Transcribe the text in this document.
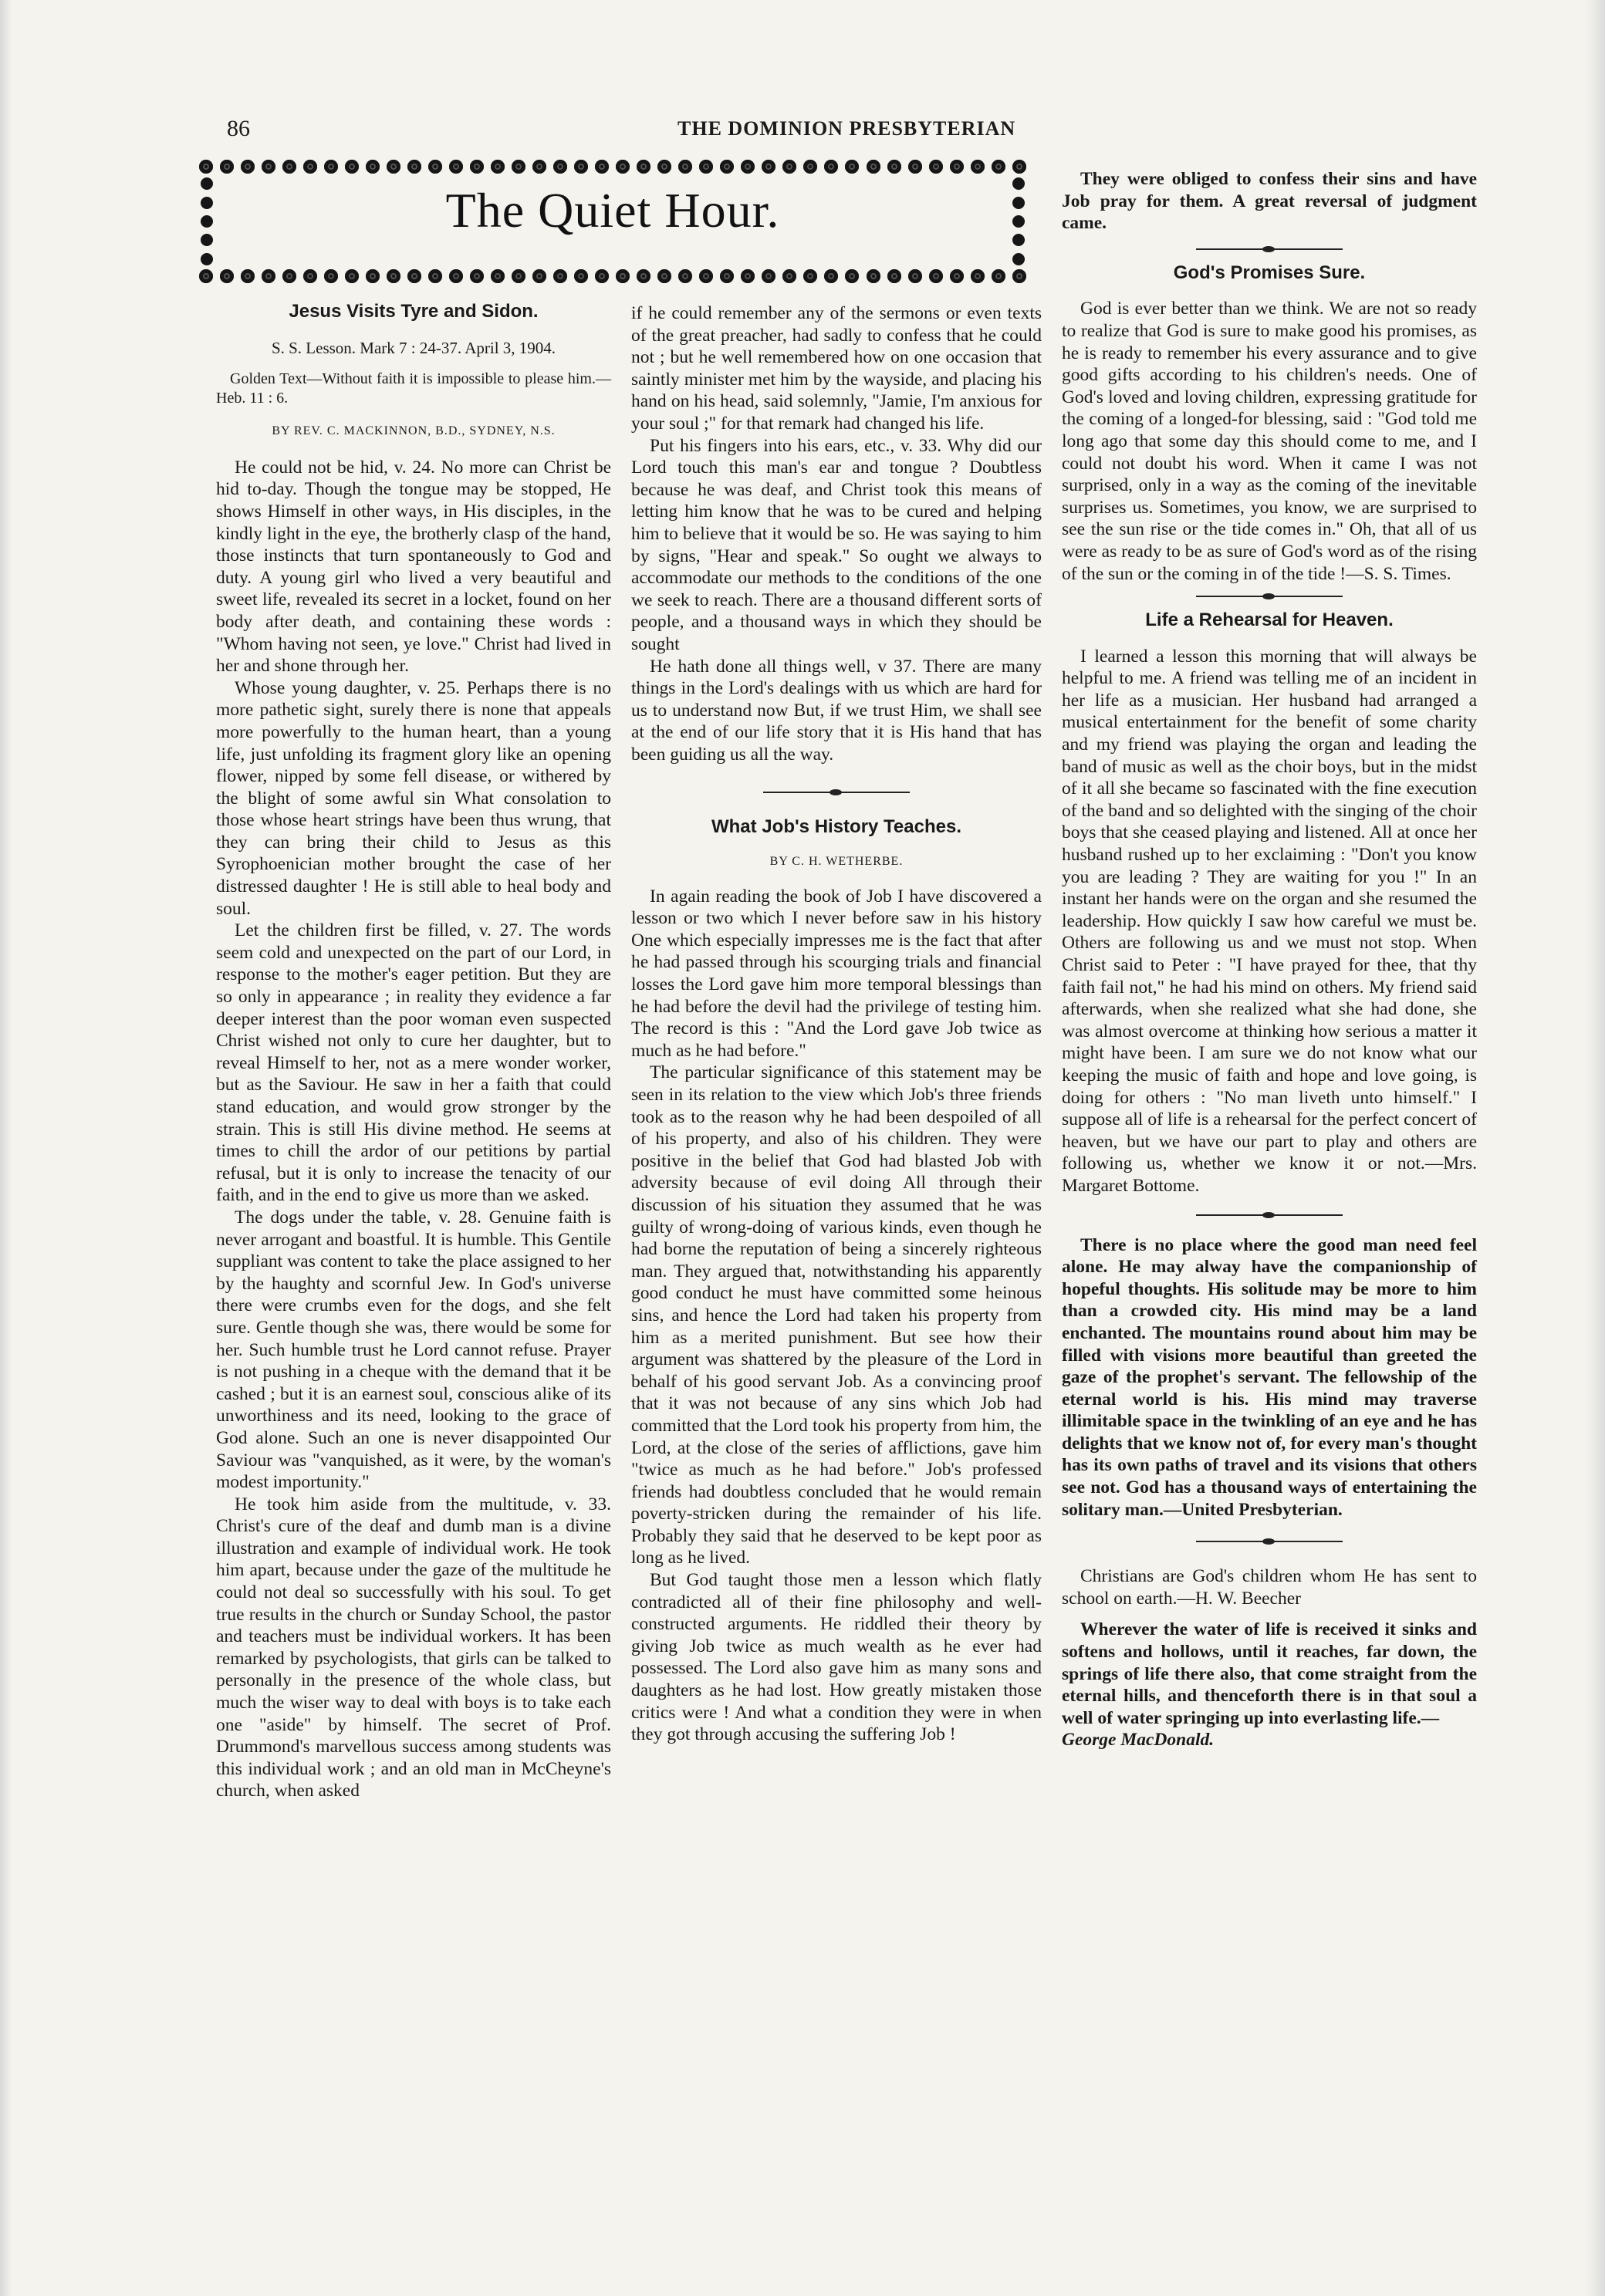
86	THE DOMINION PRESBYTERIAN
The Quiet Hour.
Jesus Visits Tyre and Sidon.

S. S. Lesson. Mark 7 : 24-37. April 3, 1904.

Golden Text—Without faith it is impossible to please him.—Heb. 11 : 6.

BY REV. C. MACKINNON, B.D., SYDNEY, N.S.

He could not be hid, v. 24. No more can Christ be hid to-day. Though the tongue may be stopped, He shows Himself in other ways, in His disciples, in the kindly light in the eye, the brotherly clasp of the hand, those instincts that turn spontaneously to God and duty. A young girl who lived a very beautiful and sweet life, revealed its secret in a locket, found on her body after death, and containing these words : "Whom having not seen, ye love." Christ had lived in her and shone through her.

Whose young daughter, v. 25. Perhaps there is no more pathetic sight, surely there is none that appeals more powerfully to the human heart, than a young life, just unfolding its fragment glory like an opening flower, nipped by some fell disease, or withered by the blight of some awful sin What consolation to those whose heart strings have been thus wrung, that they can bring their child to Jesus as this Syrophoenician mother brought the case of her distressed daughter ! He is still able to heal body and soul.

Let the children first be filled, v. 27. The words seem cold and unexpected on the part of our Lord, in response to the mother's eager petition. But they are so only in appearance ; in reality they evidence a far deeper interest than the poor woman even suspected Christ wished not only to cure her daughter, but to reveal Himself to her, not as a mere wonder worker, but as the Saviour. He saw in her a faith that could stand education, and would grow stronger by the strain. This is still His divine method. He seems at times to chill the ardor of our petitions by partial refusal, but it is only to increase the tenacity of our faith, and in the end to give us more than we asked.

The dogs under the table, v. 28. Genuine faith is never arrogant and boastful. It is humble. This Gentile suppliant was content to take the place assigned to her by the haughty and scornful Jew. In God's universe there were crumbs even for the dogs, and she felt sure. Gentle though she was, there would be some for her. Such humble trust he Lord cannot refuse. Prayer is not pushing in a cheque with the demand that it be cashed ; but it is an earnest soul, conscious alike of its unworthiness and its need, looking to the grace of God alone. Such an one is never disappointed Our Saviour was "vanquished, as it were, by the woman's modest importunity."

He took him aside from the multitude, v. 33. Christ's cure of the deaf and dumb man is a divine illustration and example of individual work. He took him apart, because under the gaze of the multitude he could not deal so successfully with his soul. To get true results in the church or Sunday School, the pastor and teachers must be individual workers. It has been remarked by psychologists, that girls can be talked to personally in the presence of the whole class, but much the wiser way to deal with boys is to take each one "aside" by himself. The secret of Prof. Drummond's marvellous success among students was this individual work ; and an old man in McCheyne's church, when asked

if he could remember any of the sermons or even texts of the great preacher, had sadly to confess that he could not ; but he well remembered how on one occasion that saintly minister met him by the wayside, and placing his hand on his head, said solemnly, "Jamie, I'm anxious for your soul ;" for that remark had changed his life.

Put his fingers into his ears, etc., v. 33. Why did our Lord touch this man's ear and tongue ? Doubtless because he was deaf, and Christ took this means of letting him know that he was to be cured and helping him to believe that it would be so. He was saying to him by signs, "Hear and speak." So ought we always to accommodate our methods to the conditions of the one we seek to reach. There are a thousand different sorts of people, and a thousand ways in which they should be sought

He hath done all things well, v 37. There are many things in the Lord's dealings with us which are hard for us to understand now But, if we trust Him, we shall see at the end of our life story that it is His hand that has been guiding us all the way.

What Job's History Teaches.

BY C. H. WETHERBE.

In again reading the book of Job I have discovered a lesson or two which I never before saw in his history One which especially impresses me is the fact that after he had passed through his scourging trials and financial losses the Lord gave him more temporal blessings than he had before the devil had the privilege of testing him. The record is this : "And the Lord gave Job twice as much as he had before."

The particular significance of this statement may be seen in its relation to the view which Job's three friends took as to the reason why he had been despoiled of all of his property, and also of his children. They were positive in the belief that God had blasted Job with adversity because of evil doing All through their discussion of his situation they assumed that he was guilty of wrong-doing of various kinds, even though he had borne the reputation of being a sincerely righteous man. They argued that, notwithstanding his apparently good conduct he must have committed some heinous sins, and hence the Lord had taken his property from him as a merited punishment. But see how their argument was shattered by the pleasure of the Lord in behalf of his good servant Job. As a convincing proof that it was not because of any sins which Job had committed that the Lord took his property from him, the Lord, at the close of the series of afflictions, gave him "twice as much as he had before." Job's professed friends had doubtless concluded that he would remain poverty-stricken during the remainder of his life. Probably they said that he deserved to be kept poor as long as he lived.

But God taught those men a lesson which flatly contradicted all of their fine philosophy and well-constructed arguments. He riddled their theory by giving Job twice as much wealth as he ever had possessed. The Lord also gave him as many sons and daughters as he had lost. How greatly mistaken those critics were ! And what a condition they were in when they got through accusing the suffering Job !

They were obliged to confess their sins and have Job pray for them. A great reversal of judgment came.

God's Promises Sure.

God is ever better than we think. We are not so ready to realize that God is sure to make good his promises, as he is ready to remember his every assurance and to give good gifts according to his children's needs. One of God's loved and loving children, expressing gratitude for the coming of a longed-for blessing, said : "God told me long ago that some day this should come to me, and I could not doubt his word. When it came I was not surprised, only in a way as the coming of the inevitable surprises us. Sometimes, you know, we are surprised to see the sun rise or the tide comes in." Oh, that all of us were as ready to be as sure of God's word as of the rising of the sun or the coming in of the tide !—S. S. Times.

Life a Rehearsal for Heaven.

I learned a lesson this morning that will always be helpful to me. A friend was telling me of an incident in her life as a musician. Her husband had arranged a musical entertainment for the benefit of some charity and my friend was playing the organ and leading the band of music as well as the choir boys, but in the midst of it all she became so fascinated with the fine execution of the band and so delighted with the singing of the choir boys that she ceased playing and listened. All at once her husband rushed up to her exclaiming : "Don't you know you are leading ? They are waiting for you !" In an instant her hands were on the organ and she resumed the leadership. How quickly I saw how careful we must be. Others are following us and we must not stop. When Christ said to Peter : "I have prayed for thee, that thy faith fail not," he had his mind on others. My friend said afterwards, when she realized what she had done, she was almost overcome at thinking how serious a matter it might have been. I am sure we do not know what our keeping the music of faith and hope and love going, is doing for others : "No man liveth unto himself." I suppose all of life is a rehearsal for the perfect concert of heaven, but we have our part to play and others are following us, whether we know it or not.—Mrs. Margaret Bottome.

There is no place where the good man need feel alone. He may alway have the companionship of hopeful thoughts. His solitude may be more to him than a crowded city. His mind may be a land enchanted. The mountains round about him may be filled with visions more beautiful than greeted the gaze of the prophet's servant. The fellowship of the eternal world is his. His mind may traverse illimitable space in the twinkling of an eye and he has delights that we know not of, for every man's thought has its own paths of travel and its visions that others see not. God has a thousand ways of entertaining the solitary man.—United Presbyterian.

Christians are God's children whom He has sent to school on earth.—H. W. Beecher

Wherever the water of life is received it sinks and softens and hollows, until it reaches, far down, the springs of life there also, that come straight from the eternal hills, and thenceforth there is in that soul a well of water springing up into everlasting life.—

George MacDonald.
